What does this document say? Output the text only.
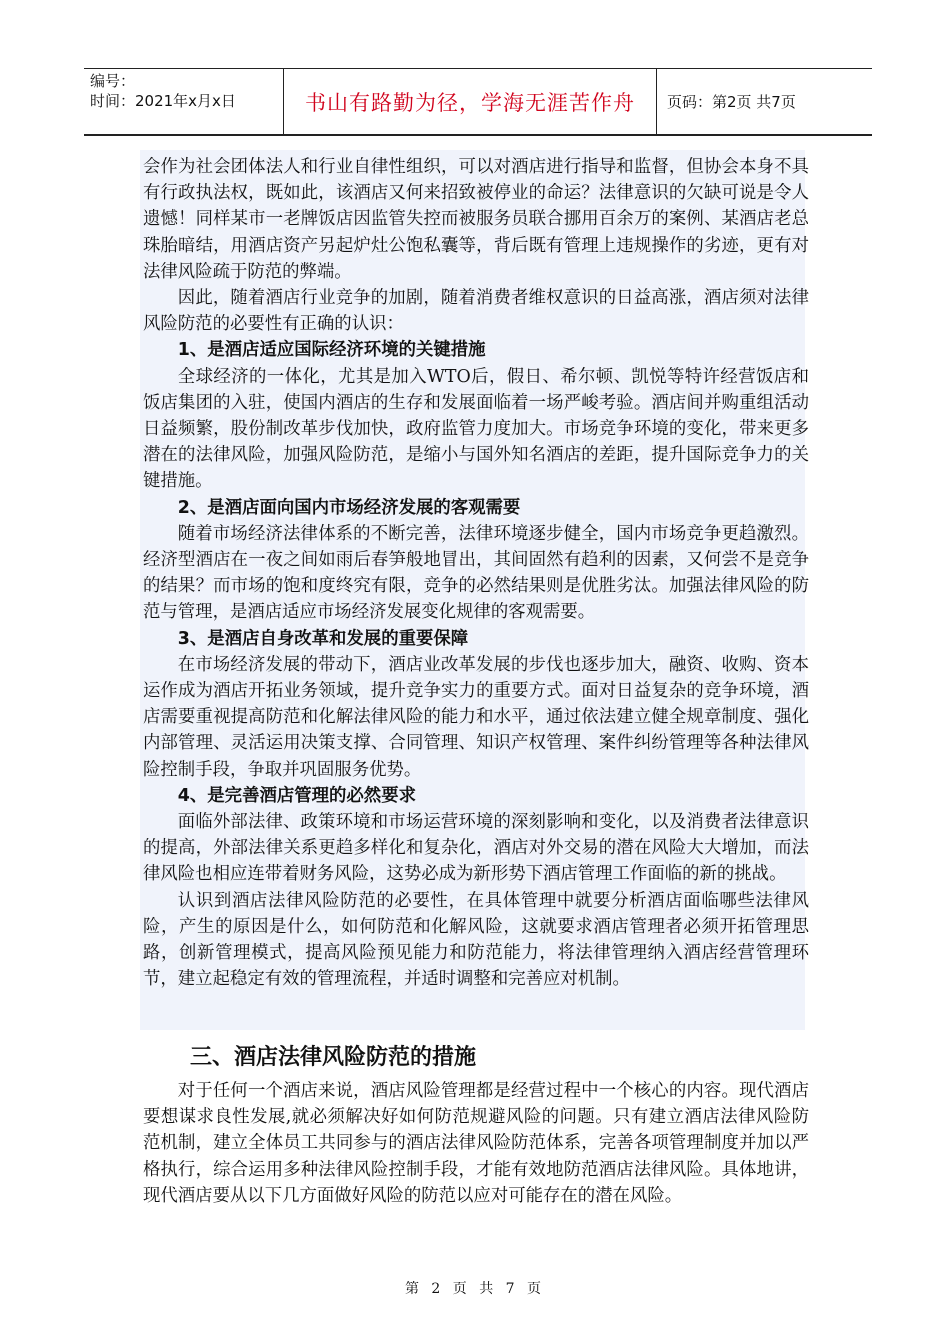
编号：
时间：2021年x月x日	书山有路勤为径，学海无涯苦作舟	页码：第2页 共7页

会作为社会团体法人和行业自律性组织，可以对酒店进行指导和监督，但协会本身不具有行政执法权，既如此，该酒店又何来招致被停业的命运？法律意识的欠缺可说是令人遗憾！同样某市一老牌饭店因监管失控而被服务员联合挪用百余万的案例、某酒店老总珠胎暗结，用酒店资产另起炉灶公饱私囊等，背后既有管理上违规操作的劣迹，更有对法律风险疏于防范的弊端。

因此，随着酒店行业竞争的加剧，随着消费者维权意识的日益高涨，酒店须对法律风险防范的必要性有正确的认识：

1、是酒店适应国际经济环境的关键措施

全球经济的一体化，尤其是加入WTO后，假日、希尔顿、凯悦等特许经营饭店和饭店集团的入驻，使国内酒店的生存和发展面临着一场严峻考验。酒店间并购重组活动日益频繁，股份制改革步伐加快，政府监管力度加大。市场竞争环境的变化，带来更多潜在的法律风险，加强风险防范，是缩小与国外知名酒店的差距，提升国际竞争力的关键措施。

2、是酒店面向国内市场经济发展的客观需要

随着市场经济法律体系的不断完善，法律环境逐步健全，国内市场竞争更趋激烈。经济型酒店在一夜之间如雨后春笋般地冒出，其间固然有趋利的因素，又何尝不是竞争的结果？而市场的饱和度终究有限，竞争的必然结果则是优胜劣汰。加强法律风险的防范与管理，是酒店适应市场经济发展变化规律的客观需要。

3、是酒店自身改革和发展的重要保障

在市场经济发展的带动下，酒店业改革发展的步伐也逐步加大，融资、收购、资本运作成为酒店开拓业务领域，提升竞争实力的重要方式。面对日益复杂的竞争环境，酒店需要重视提高防范和化解法律风险的能力和水平，通过依法建立健全规章制度、强化内部管理、灵活运用决策支撑、合同管理、知识产权管理、案件纠纷管理等各种法律风险控制手段，争取并巩固服务优势。

4、是完善酒店管理的必然要求

面临外部法律、政策环境和市场运营环境的深刻影响和变化，以及消费者法律意识的提高，外部法律关系更趋多样化和复杂化，酒店对外交易的潜在风险大大增加，而法律风险也相应连带着财务风险，这势必成为新形势下酒店管理工作面临的新的挑战。

认识到酒店法律风险防范的必要性，在具体管理中就要分析酒店面临哪些法律风险，产生的原因是什么，如何防范和化解风险，这就要求酒店管理者必须开拓管理思路，创新管理模式，提高风险预见能力和防范能力，将法律管理纳入酒店经营管理环节，建立起稳定有效的管理流程，并适时调整和完善应对机制。

三、酒店法律风险防范的措施

对于任何一个酒店来说，酒店风险管理都是经营过程中一个核心的内容。现代酒店要想谋求良性发展,就必须解决好如何防范规避风险的问题。只有建立酒店法律风险防范机制，建立全体员工共同参与的酒店法律风险防范体系，完善各项管理制度并加以严格执行，综合运用多种法律风险控制手段，才能有效地防范酒店法律风险。具体地讲，现代酒店要从以下几方面做好风险的防范以应对可能存在的潜在风险。

第 2 页 共 7 页
